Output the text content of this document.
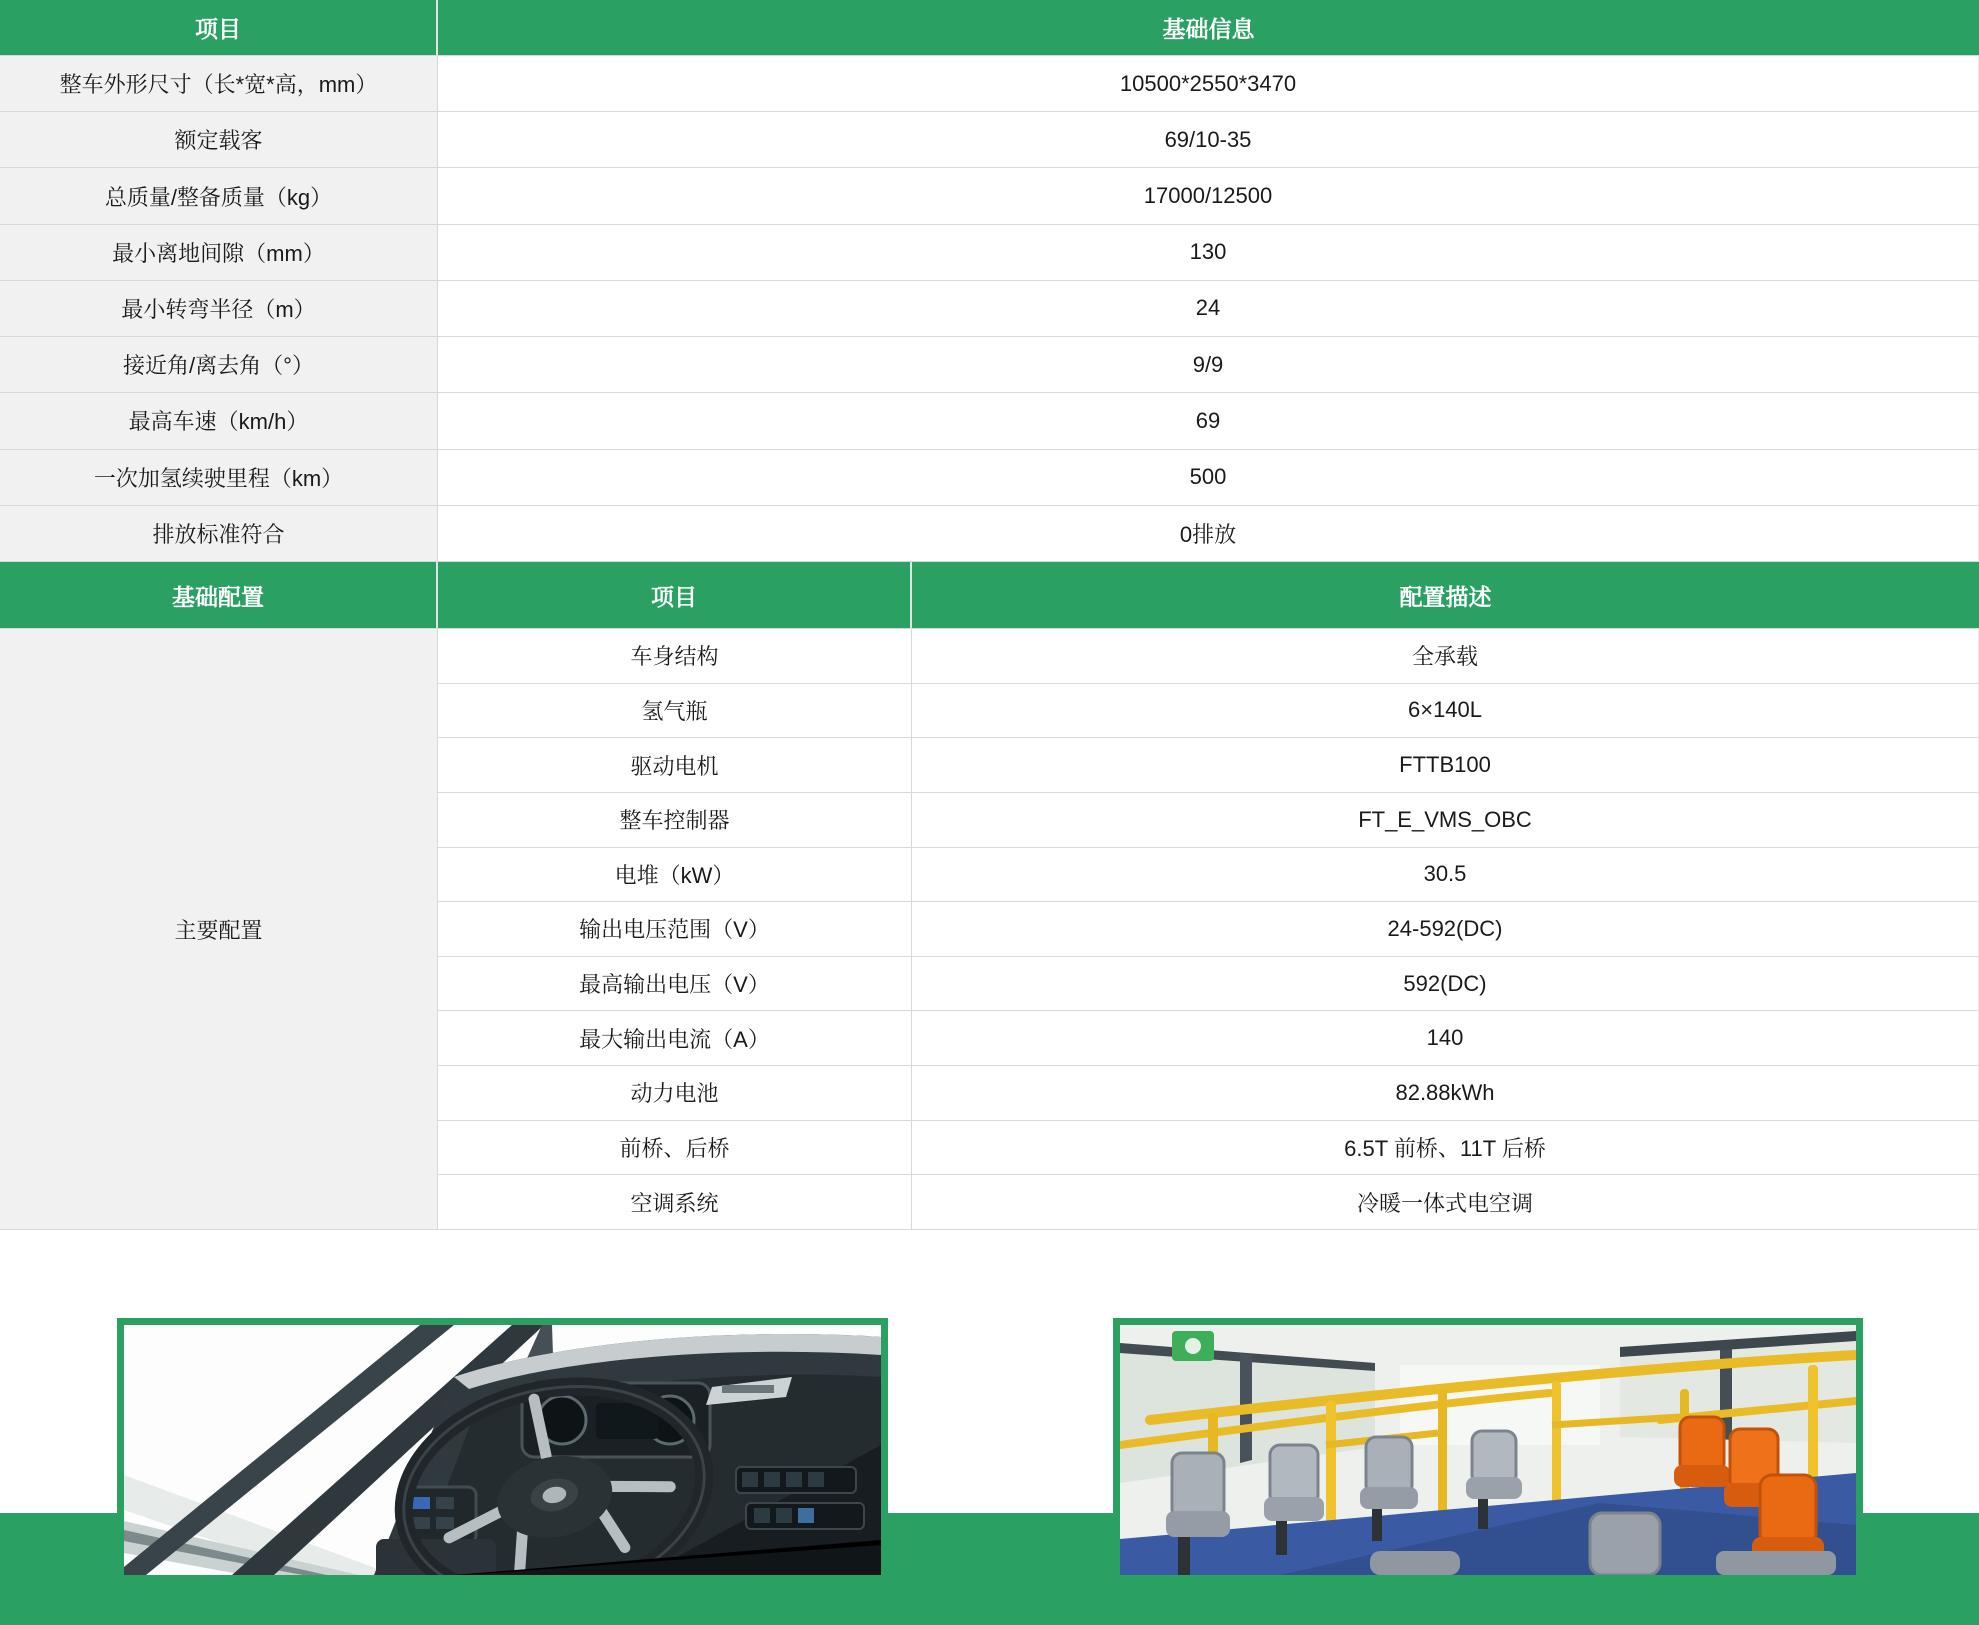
项目	基础信息
整车外形尺寸（长*宽*高，mm）	10500*2550*3470
额定载客	69/10-35
总质量/整备质量（kg）	17000/12500
最小离地间隙（mm）	130
最小转弯半径（m）	24
接近角/离去角（°）	9/9
最高车速（km/h）	69
一次加氢续驶里程（km）	500
排放标准符合	0排放
基础配置	项目	配置描述
主要配置
车身结构	全承载
氢气瓶	6×140L
驱动电机	FTTB100
整车控制器	FT_E_VMS_OBC
电堆（kW）	30.5
输出电压范围（V）	24-592(DC)
最高输出电压（V）	592(DC)
最大输出电流（A）	140
动力电池	82.88kWh
前桥、后桥	6.5T 前桥、11T 后桥
空调系统	冷暖一体式电空调
